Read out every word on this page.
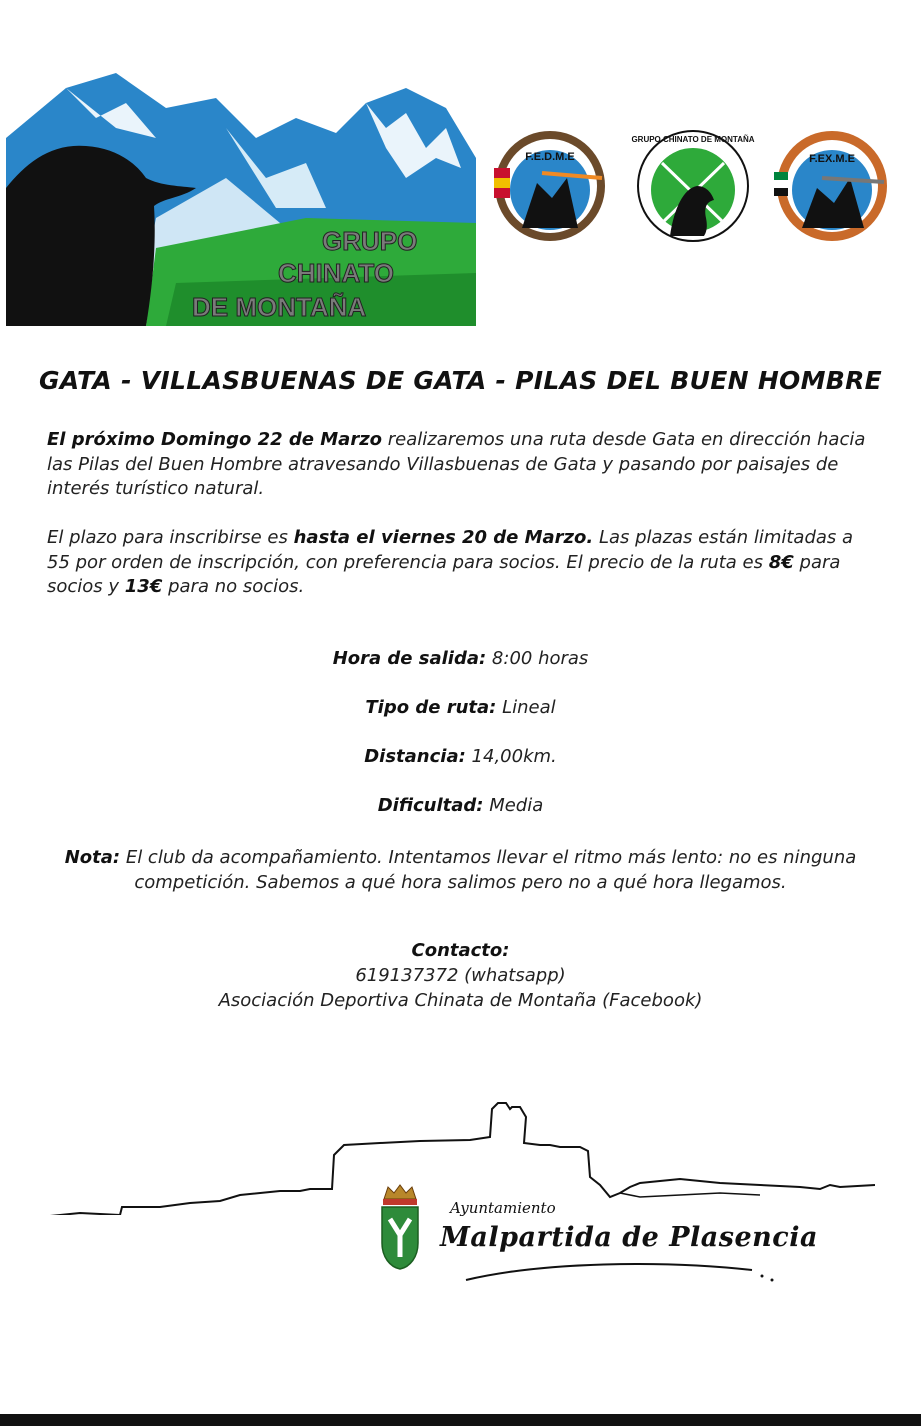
GRUPO
CHINATO
DE MONTAÑA
F.E.D.M.E
GRUPO CHINATO DE MONTAÑA
F.EX.M.E
GATA - VILLASBUENAS DE GATA - PILAS DEL BUEN HOMBRE
El próximo Domingo 22 de Marzo realizaremos una ruta desde Gata en dirección hacia las Pilas del Buen Hombre atravesando Villasbuenas de Gata y pasando por paisajes de interés turístico natural.
El plazo para inscribirse es hasta el viernes 20 de Marzo. Las plazas están limitadas a 55 por orden de inscripción, con preferencia para socios. El precio de la ruta es 8€ para socios y 13€ para no socios.
Hora de salida: 8:00 horas
Tipo de ruta: Lineal
Distancia: 14,00km.
Dificultad: Media
Nota: El club da acompañamiento. Intentamos llevar el ritmo más lento: no es ninguna competición. Sabemos a qué hora salimos pero no a qué hora llegamos.
Contacto:
619137372 (whatsapp)
Asociación Deportiva Chinata de Montaña (Facebook)
Ayuntamiento
Malpartida de Plasencia
